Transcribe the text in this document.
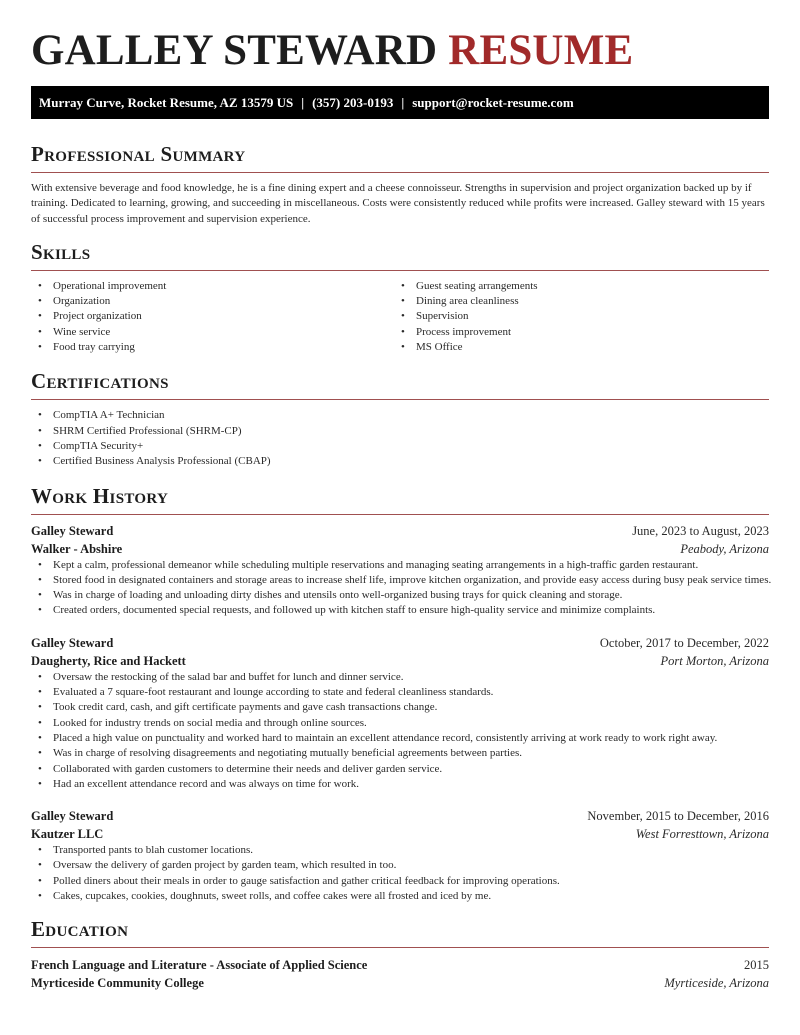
GALLEY STEWARD RESUME
Murray Curve, Rocket Resume, AZ 13579 US | (357) 203-0193 | support@rocket-resume.com
Professional Summary

With extensive beverage and food knowledge, he is a fine dining expert and a cheese connoisseur. Strengths in supervision and project organization backed up by if training. Dedicated to learning, growing, and succeeding in miscellaneous. Costs were consistently reduced while profits were increased. Galley steward with 15 years of successful process improvement and supervision experience.

Skills
• Operational improvement
• Organization
• Project organization
• Wine service
• Food tray carrying
• Guest seating arrangements
• Dining area cleanliness
• Supervision
• Process improvement
• MS Office
Certifications
• CompTIA A+ Technician
• SHRM Certified Professional (SHRM-CP)
• CompTIA Security+
• Certified Business Analysis Professional (CBAP)
Work History
Galley Steward	June, 2023 to August, 2023
Walker - Abshire	Peabody, Arizona
• Kept a calm, professional demeanor while scheduling multiple reservations and managing seating arrangements in a high-traffic garden restaurant.
• Stored food in designated containers and storage areas to increase shelf life, improve kitchen organization, and provide easy access during busy peak service times.
• Was in charge of loading and unloading dirty dishes and utensils onto well-organized busing trays for quick cleaning and storage.
• Created orders, documented special requests, and followed up with kitchen staff to ensure high-quality service and minimize complaints.
Galley Steward	October, 2017 to December, 2022
Daugherty, Rice and Hackett	Port Morton, Arizona
• Oversaw the restocking of the salad bar and buffet for lunch and dinner service.
• Evaluated a 7 square-foot restaurant and lounge according to state and federal cleanliness standards.
• Took credit card, cash, and gift certificate payments and gave cash transactions change.
• Looked for industry trends on social media and through online sources.
• Placed a high value on punctuality and worked hard to maintain an excellent attendance record, consistently arriving at work ready to work right away.
• Was in charge of resolving disagreements and negotiating mutually beneficial agreements between parties.
• Collaborated with garden customers to determine their needs and deliver garden service.
• Had an excellent attendance record and was always on time for work.
Galley Steward	November, 2015 to December, 2016
Kautzer LLC	West Forresttown, Arizona
• Transported pants to blah customer locations.
• Oversaw the delivery of garden project by garden team, which resulted in too.
• Polled diners about their meals in order to gauge satisfaction and gather critical feedback for improving operations.
• Cakes, cupcakes, cookies, doughnuts, sweet rolls, and coffee cakes were all frosted and iced by me.
Education
French Language and Literature - Associate of Applied Science	2015
Myrticeside Community College	Myrticeside, Arizona
